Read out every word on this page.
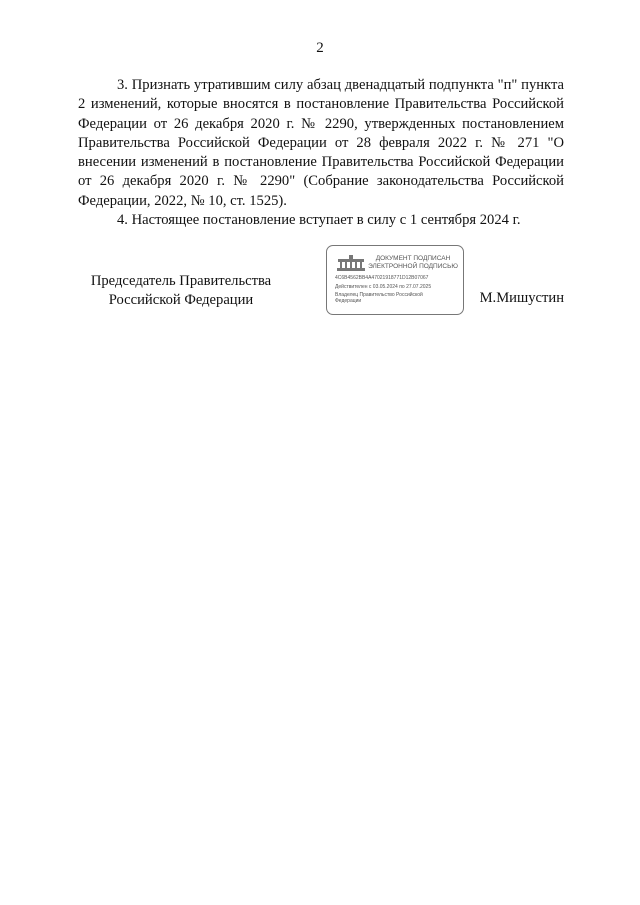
2

3. Признать утратившим силу абзац двенадцатый подпункта "п" пункта 2 изменений, которые вносятся в постановление Правительства Российской Федерации от 26 декабря 2020 г. № 2290, утвержденных постановлением Правительства Российской Федерации от 28 февраля 2022 г. № 271 "О внесении изменений в постановление Правительства Российской Федерации от 26 декабря 2020 г. № 2290" (Собрание законодательства Российской Федерации, 2022, № 10, ст. 1525).

4. Настоящее постановление вступает в силу с 1 сентября 2024 г.

Председатель Правительства
Российской Федерации
ДОКУМЕНТ ПОДПИСАН
ЭЛЕКТРОННОЙ ПОДПИСЬЮ
4C6B4562BB4A47021918771D12B07067
Действителен с 03.05.2024 по 27.07.2025
Владелец Правительство Российской
Федерации	М.Мишустин
